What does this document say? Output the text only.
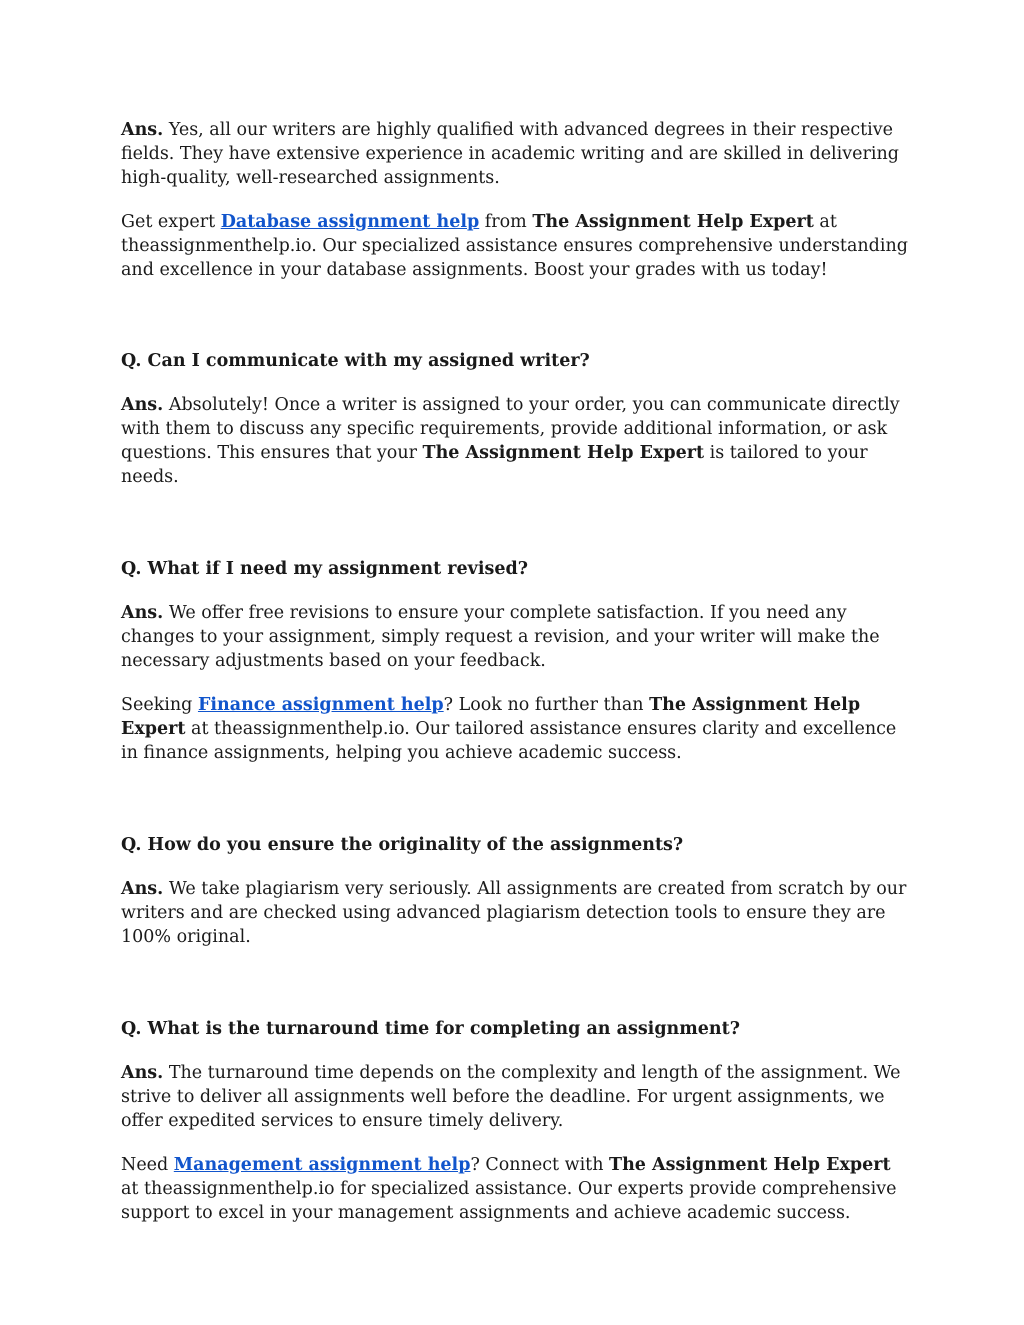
Ans. Yes, all our writers are highly qualified with advanced degrees in their respective fields. They have extensive experience in academic writing and are skilled in delivering high-quality, well-researched assignments.

Get expert Database assignment help from The Assignment Help Expert at theassignmenthelp.io. Our specialized assistance ensures comprehensive understanding and excellence in your database assignments. Boost your grades with us today!

Q. Can I communicate with my assigned writer?

Ans. Absolutely! Once a writer is assigned to your order, you can communicate directly with them to discuss any specific requirements, provide additional information, or ask questions. This ensures that your The Assignment Help Expert is tailored to your needs.

Q. What if I need my assignment revised?

Ans. We offer free revisions to ensure your complete satisfaction. If you need any changes to your assignment, simply request a revision, and your writer will make the necessary adjustments based on your feedback.

Seeking Finance assignment help? Look no further than The Assignment Help Expert at theassignmenthelp.io. Our tailored assistance ensures clarity and excellence in finance assignments, helping you achieve academic success.

Q. How do you ensure the originality of the assignments?

Ans. We take plagiarism very seriously. All assignments are created from scratch by our writers and are checked using advanced plagiarism detection tools to ensure they are 100% original.

Q. What is the turnaround time for completing an assignment?

Ans. The turnaround time depends on the complexity and length of the assignment. We strive to deliver all assignments well before the deadline. For urgent assignments, we offer expedited services to ensure timely delivery.

Need Management assignment help? Connect with The Assignment Help Expert at theassignmenthelp.io for specialized assistance. Our experts provide comprehensive support to excel in your management assignments and achieve academic success.
